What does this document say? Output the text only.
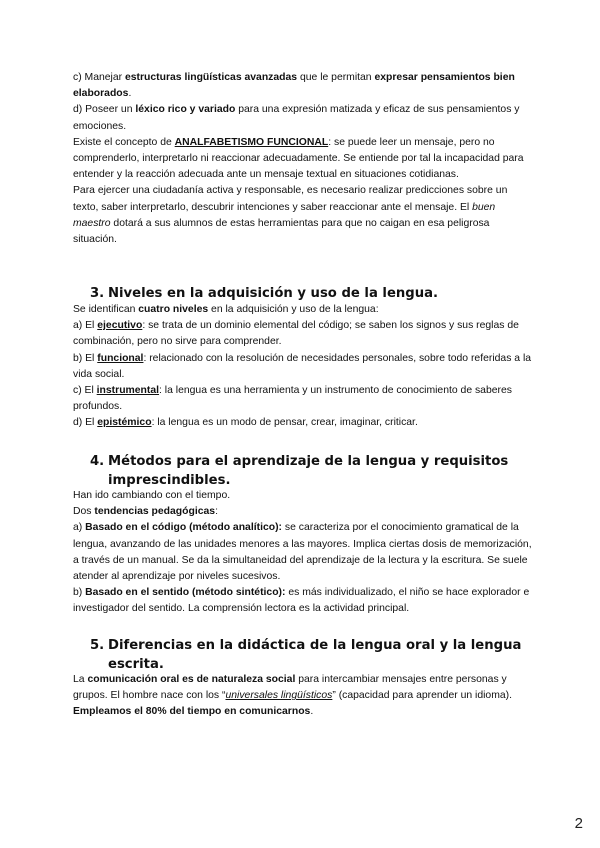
c) Manejar estructuras lingüísticas avanzadas que le permitan expresar pensamientos bien elaborados.

d) Poseer un léxico rico y variado para una expresión matizada y eficaz de sus pensamientos y emociones.

Existe el concepto de ANALFABETISMO FUNCIONAL: se puede leer un mensaje, pero no comprenderlo, interpretarlo ni reaccionar adecuadamente. Se entiende por tal la incapacidad para entender y la reacción adecuada ante un mensaje textual en situaciones cotidianas.

Para ejercer una ciudadanía activa y responsable, es necesario realizar predicciones sobre un texto, saber interpretarlo, descubrir intenciones y saber reaccionar ante el mensaje. El buen maestro dotará a sus alumnos de estas herramientas para que no caigan en esa peligrosa situación.

3. Niveles en la adquisición y uso de la lengua.

Se identifican cuatro niveles en la adquisición y uso de la lengua:

a) El ejecutivo: se trata de un dominio elemental del código; se saben los signos y sus reglas de combinación, pero no sirve para comprender.

b) El funcional: relacionado con la resolución de necesidades personales, sobre todo referidas a la vida social.

c) El instrumental: la lengua es una herramienta y un instrumento de conocimiento de saberes profundos.

d) El epistémico: la lengua es un modo de pensar, crear, imaginar, criticar.

4. Métodos para el aprendizaje de la lengua y requisitos
imprescindibles.

Han ido cambiando con el tiempo.

Dos tendencias pedagógicas:

a) Basado en el código (método analítico): se caracteriza por el conocimiento gramatical de la lengua, avanzando de las unidades menores a las mayores. Implica ciertas dosis de memorización, a través de un manual. Se da la simultaneidad del aprendizaje de la lectura y la escritura. Se suele atender al aprendizaje por niveles sucesivos.

b) Basado en el sentido (método sintético): es más individualizado, el niño se hace explorador e investigador del sentido. La comprensión lectora es la actividad principal.

5. Diferencias en la didáctica de la lengua oral y la lengua
escrita.

La comunicación oral es de naturaleza social para intercambiar mensajes entre personas y grupos. El hombre nace con los “universales lingüísticos” (capacidad para aprender un idioma). Empleamos el 80% del tiempo en comunicarnos.

2
